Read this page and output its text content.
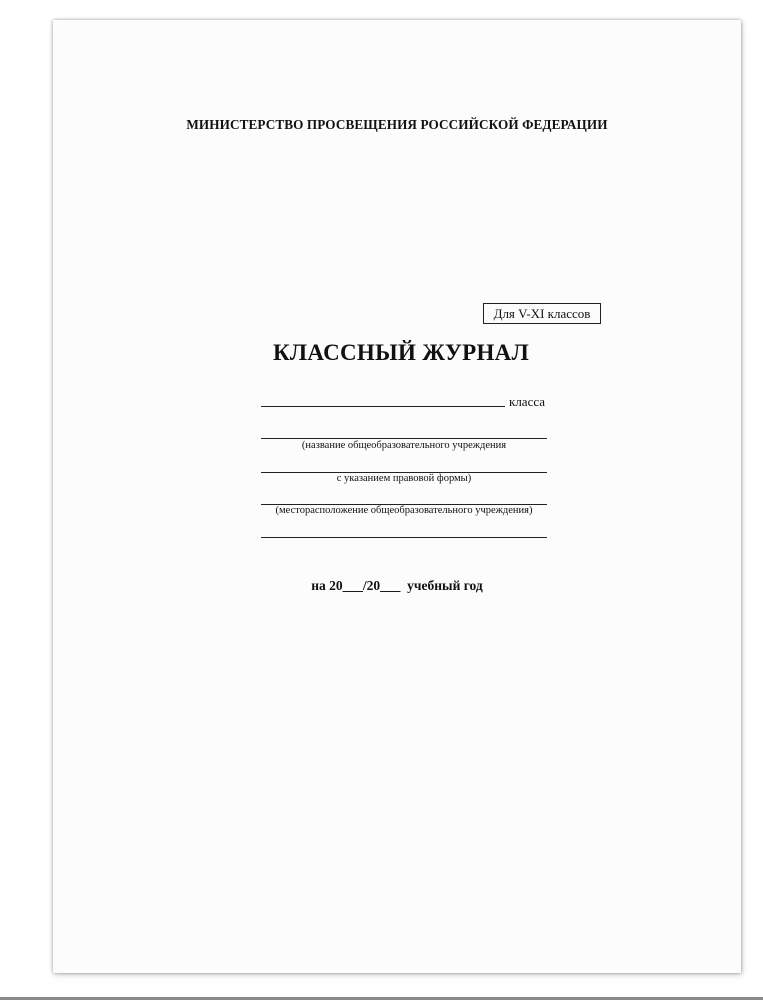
МИНИСТЕРСТВО ПРОСВЕЩЕНИЯ РОССИЙСКОЙ ФЕДЕРАЦИИ
Для V-XI классов
КЛАССНЫЙ ЖУРНАЛ
класса
(название общеобразовательного учреждения
с указанием правовой формы)
(месторасположение общеобразовательного учреждения)
на 20___/20___  учебный год
